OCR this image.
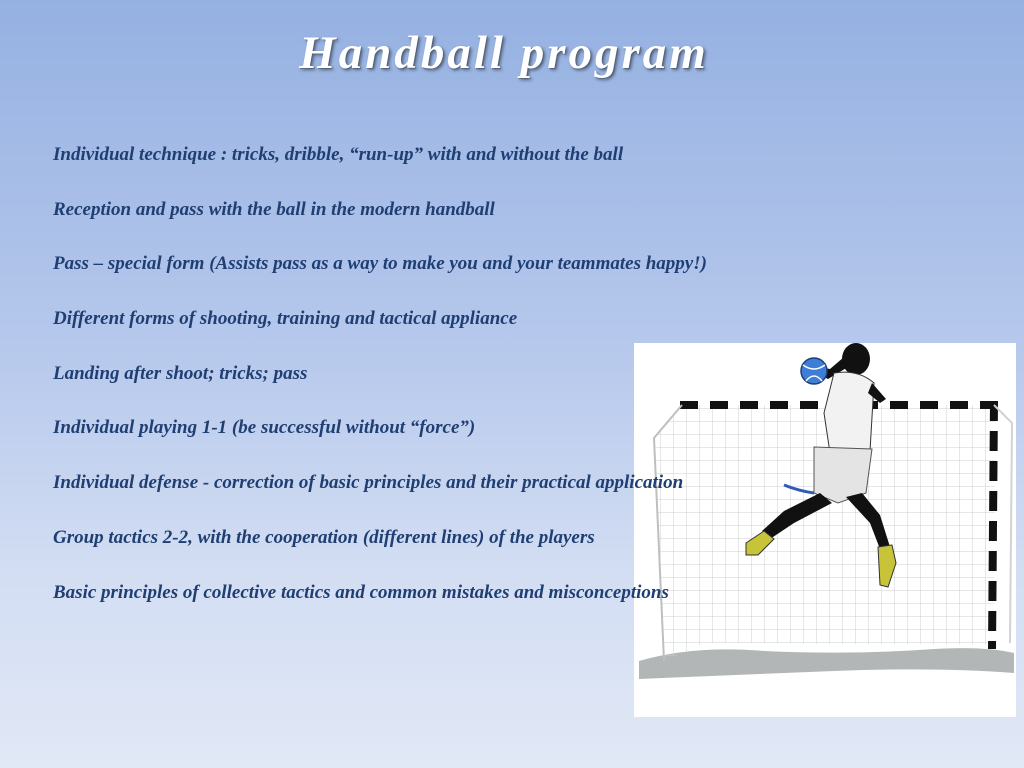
Handball program
Individual technique : tricks, dribble, “run-up” with and without the ball
Reception and pass with the ball in the modern handball
Pass – special form (Assists pass as a way to make you and your teammates happy!)
Different forms of shooting, training and tactical appliance
Landing after shoot; tricks; pass
Individual playing 1-1 (be successful without “force”)
Individual defense - correction of basic principles and their practical application
Group tactics 2-2, with the cooperation (different lines) of the players
Basic principles of collective tactics and common mistakes and misconceptions
